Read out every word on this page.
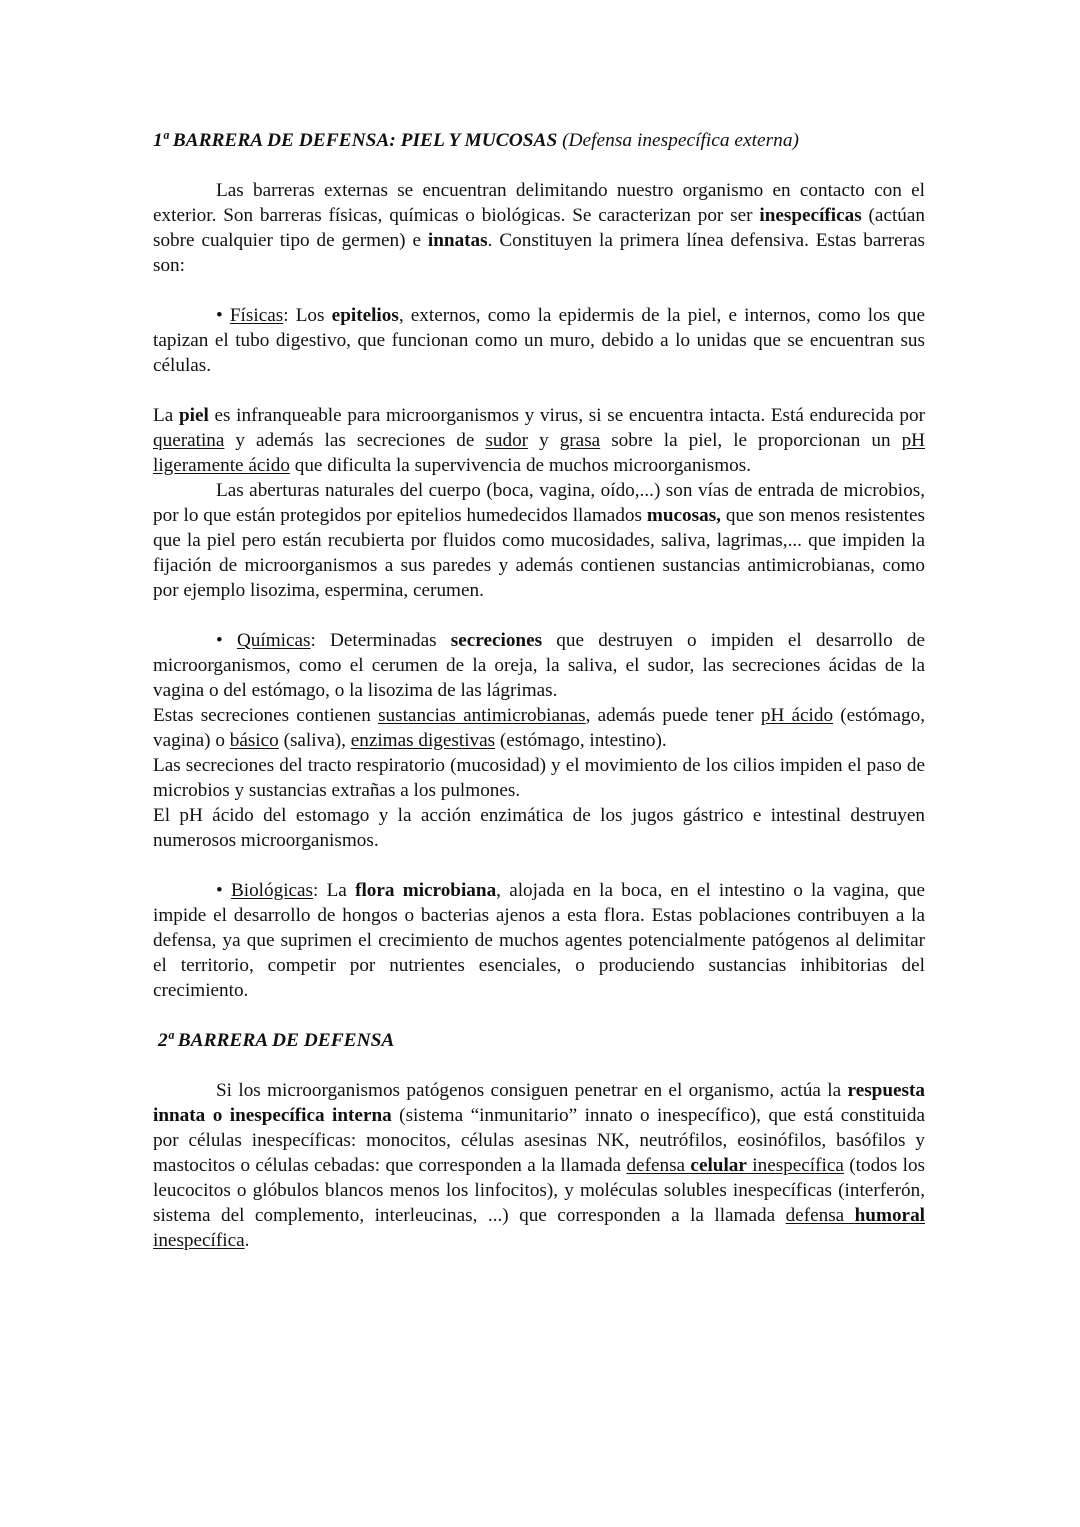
1ª BARRERA DE DEFENSA: PIEL Y MUCOSAS (Defensa inespecífica externa)

Las barreras externas se encuentran delimitando nuestro organismo en contacto con el exterior. Son barreras físicas, químicas o biológicas. Se caracterizan por ser inespecíficas (actúan sobre cualquier tipo de germen) e innatas. Constituyen la primera línea defensiva. Estas barreras son:

• Físicas: Los epitelios, externos, como la epidermis de la piel, e internos, como los que tapizan el tubo digestivo, que funcionan como un muro, debido a lo unidas que se encuentran sus células.

La piel es infranqueable para microorganismos y virus, si se encuentra intacta. Está endurecida por queratina y además las secreciones de sudor y grasa sobre la piel, le proporcionan un pH ligeramente ácido que dificulta la supervivencia de muchos microorganismos.

Las aberturas naturales del cuerpo (boca, vagina, oído,...) son vías de entrada de microbios, por lo que están protegidos por epitelios humedecidos llamados mucosas, que son menos resistentes que la piel pero están recubierta por fluidos como mucosidades, saliva, lagrimas,... que impiden la fijación de microorganismos a sus paredes y además contienen sustancias antimicrobianas, como por ejemplo lisozima, espermina, cerumen.

• Químicas: Determinadas secreciones que destruyen o impiden el desarrollo de microorganismos, como el cerumen de la oreja, la saliva, el sudor, las secreciones ácidas de la vagina o del estómago, o la lisozima de las lágrimas.

Estas secreciones contienen sustancias antimicrobianas, además puede tener pH ácido (estómago, vagina) o básico (saliva), enzimas digestivas (estómago, intestino).

Las secreciones del tracto respiratorio (mucosidad) y el movimiento de los cilios impiden el paso de microbios y sustancias extrañas a los pulmones.

El pH ácido del estomago y la acción enzimática de los jugos gástrico e intestinal destruyen numerosos microorganismos.

• Biológicas: La flora microbiana, alojada en la boca, en el intestino o la vagina, que impide el desarrollo de hongos o bacterias ajenos a esta flora. Estas poblaciones contribuyen a la defensa, ya que suprimen el crecimiento de muchos agentes potencialmente patógenos al delimitar el territorio, competir por nutrientes esenciales, o produciendo sustancias inhibitorias del crecimiento.

2ª BARRERA DE DEFENSA

Si los microorganismos patógenos consiguen penetrar en el organismo, actúa la respuesta innata o inespecífica interna (sistema “inmunitario” innato o inespecífico), que está constituida por células inespecíficas: monocitos, células asesinas NK, neutrófilos, eosinófilos, basófilos y mastocitos o células cebadas: que corresponden a la llamada defensa celular inespecífica (todos los leucocitos o glóbulos blancos menos los linfocitos), y moléculas solubles inespecíficas (interferón, sistema del complemento, interleucinas, ...) que corresponden a la llamada defensa humoral inespecífica.
